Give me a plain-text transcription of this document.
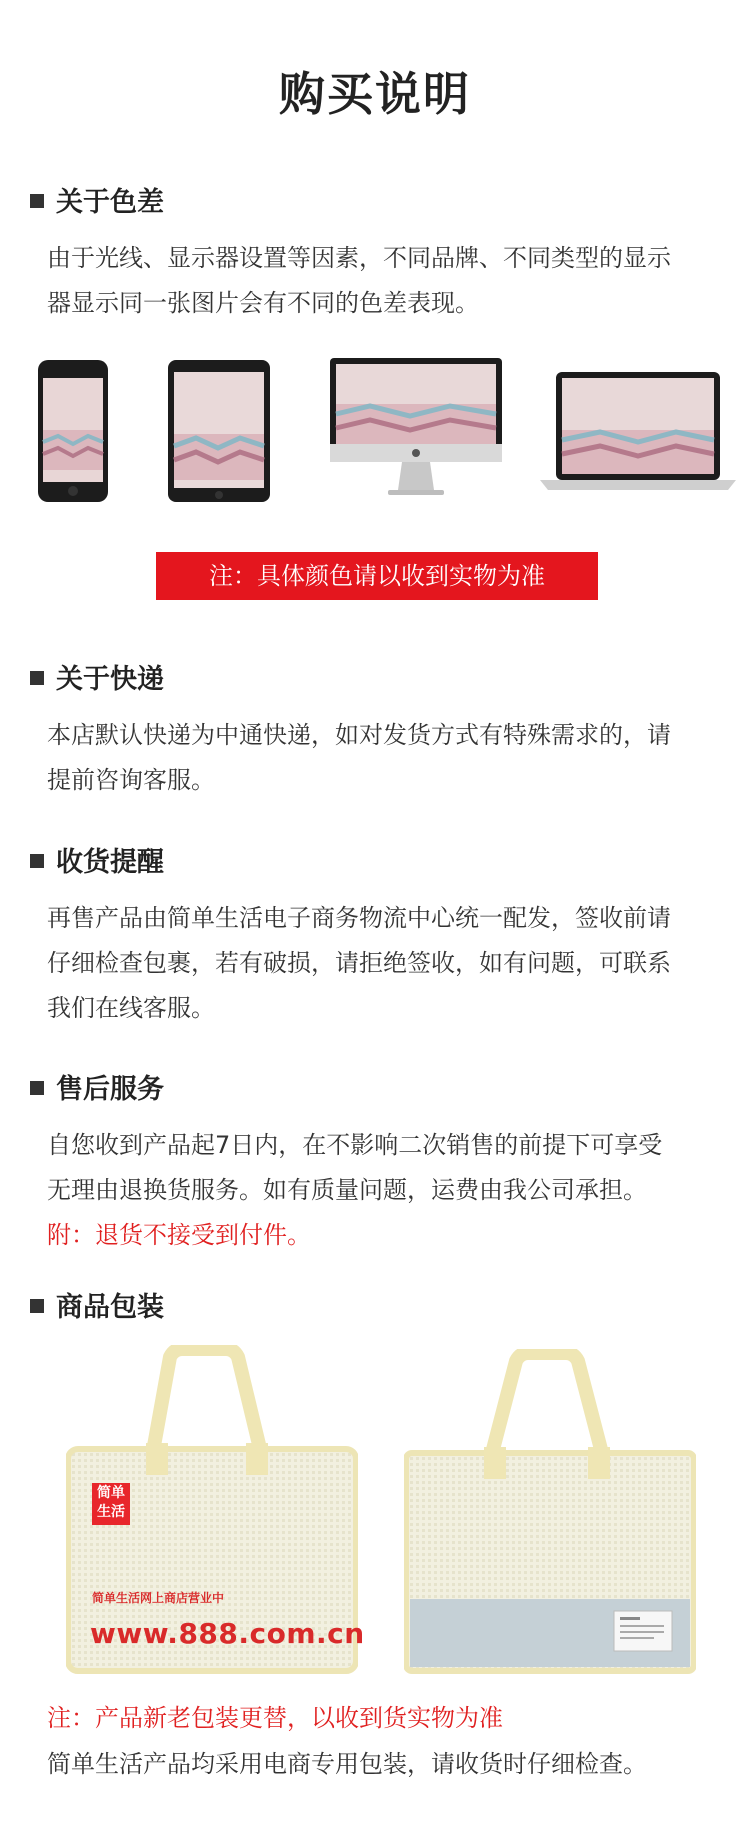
购买说明
关于色差
由于光线、显示器设置等因素，不同品牌、不同类型的显示
器显示同一张图片会有不同的色差表现。
注：具体颜色请以收到实物为准
关于快递
本店默认快递为中通快递，如对发货方式有特殊需求的，请
提前咨询客服。
收货提醒
再售产品由简单生活电子商务物流中心统一配发，签收前请
仔细检查包裹，若有破损，请拒绝签收，如有问题，可联系
我们在线客服。
售后服务
自您收到产品起7日内，在不影响二次销售的前提下可享受
无理由退换货服务。如有质量问题，运费由我公司承担。
附：退货不接受到付件。
商品包装
简单
生活
简单生活网上商店营业中
www.888.com.cn
注：产品新老包装更替，以收到货实物为准
简单生活产品均采用电商专用包装，请收货时仔细检查。
